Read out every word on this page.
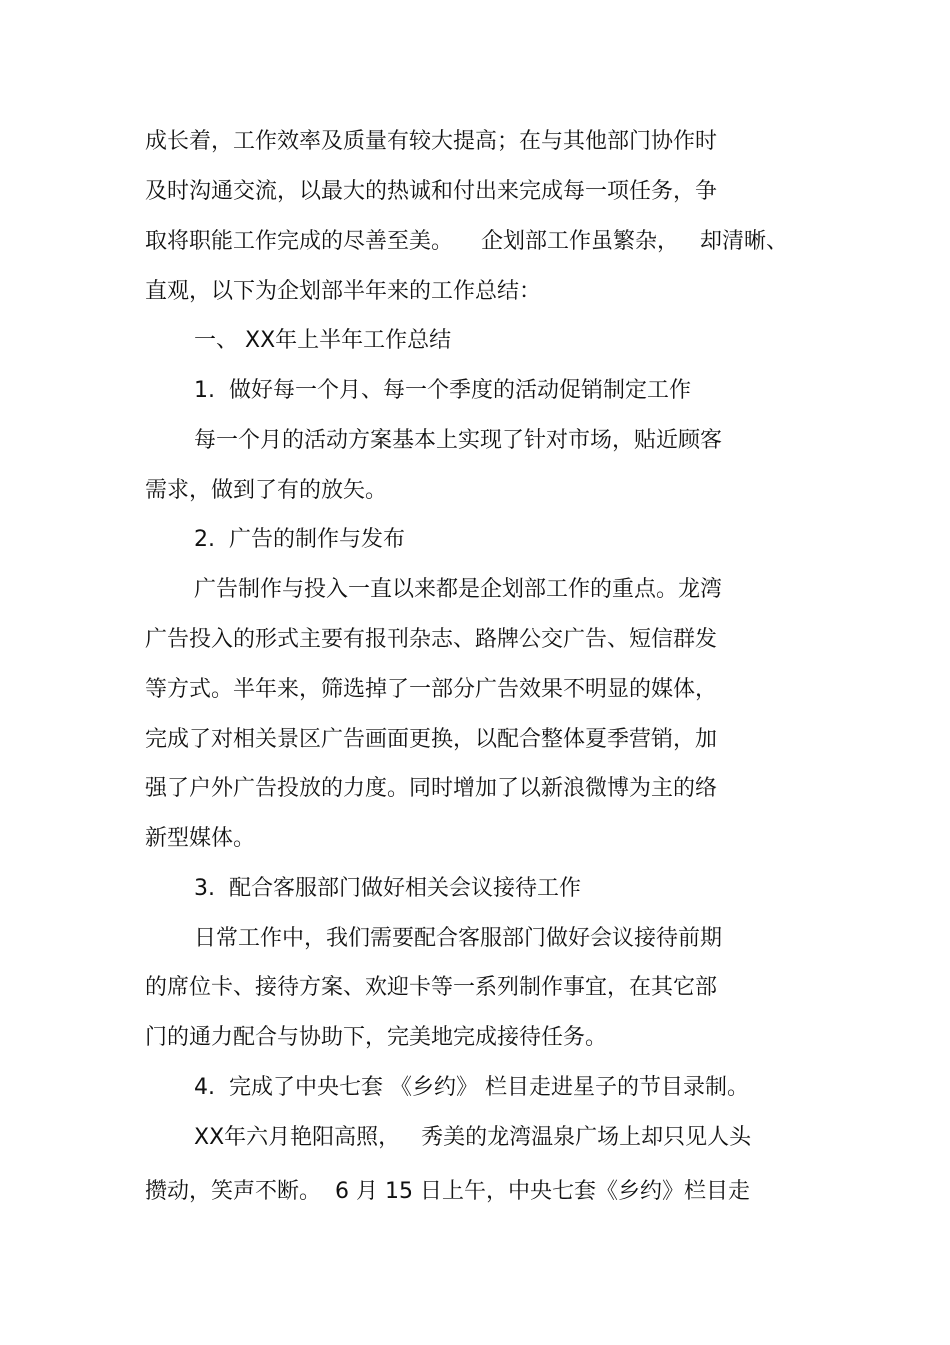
成长着，工作效率及质量有较大提高；在与其他部门协作时
及时沟通交流，以最大的热诚和付出来完成每一项任务，争
取将职能工作完成的尽善至美。    企划部工作虽繁杂，   却清晰、
直观，以下为企划部半年来的工作总结：
一、 XX年上半年工作总结
1.  做好每一个月、每一个季度的活动促销制定工作
每一个月的活动方案基本上实现了针对市场，贴近顾客
需求，做到了有的放矢。
2.  广告的制作与发布
广告制作与投入一直以来都是企划部工作的重点。龙湾
广告投入的形式主要有报刊杂志、路牌公交广告、短信群发
等方式。半年来，筛选掉了一部分广告效果不明显的媒体，
完成了对相关景区广告画面更换，以配合整体夏季营销，加
强了户外广告投放的力度。同时增加了以新浪微博为主的络
新型媒体。
3.  配合客服部门做好相关会议接待工作
日常工作中，我们需要配合客服部门做好会议接待前期
的席位卡、接待方案、欢迎卡等一系列制作事宜，在其它部
门的通力配合与协助下，完美地完成接待任务。
4.  完成了中央七套 《乡约》 栏目走进星子的节目录制。
XX年六月艳阳高照，   秀美的龙湾温泉广场上却只见人头
攒动，笑声不断。  6 月 15 日上午，中央七套《乡约》栏目走
